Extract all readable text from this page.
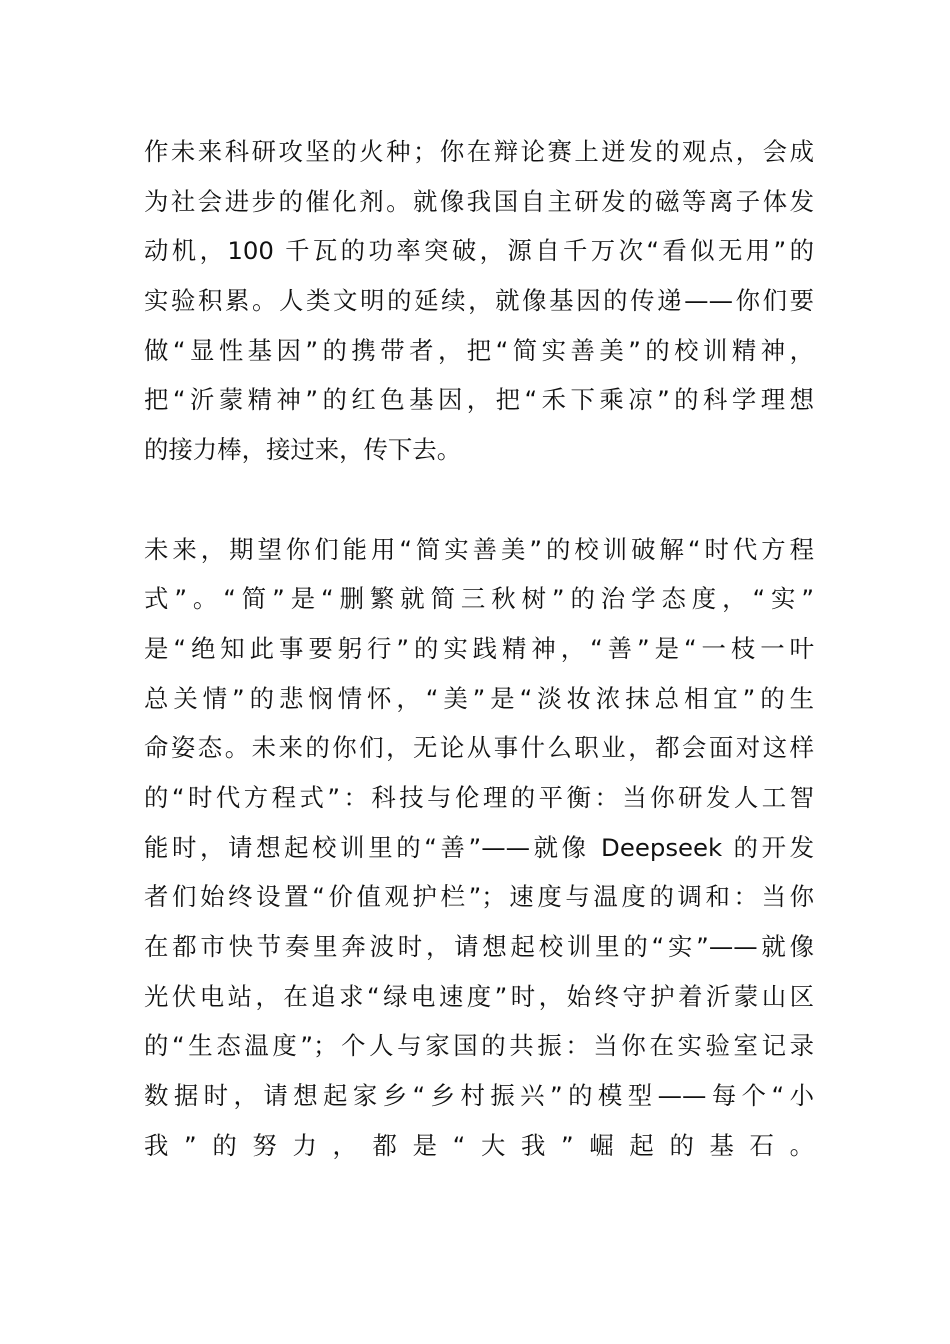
作未来科研攻坚的火种；你在辩论赛上迸发的观点，会成
为社会进步的催化剂。就像我国自主研发的磁等离子体发
动机，100 千瓦的功率突破，源自千万次“看似无用”的
实验积累。人类文明的延续，就像基因的传递——你们要
做“显性基因”的携带者，把“简实善美”的校训精神，
把“沂蒙精神”的红色基因，把“禾下乘凉”的科学理想
的接力棒，接过来，传下去。
未来，期望你们能用“简实善美”的校训破解“时代方程
式”。“简”是“删繁就简三秋树”的治学态度，“实”
是“绝知此事要躬行”的实践精神，“善”是“一枝一叶
总关情”的悲悯情怀，“美”是“淡妆浓抹总相宜”的生
命姿态。未来的你们，无论从事什么职业，都会面对这样
的“时代方程式”：科技与伦理的平衡：当你研发人工智
能时，请想起校训里的“善”——就像 Deepseek 的开发
者们始终设置“价值观护栏”；速度与温度的调和：当你
在都市快节奏里奔波时，请想起校训里的“实”——就像
光伏电站，在追求“绿电速度”时，始终守护着沂蒙山区
的“生态温度”；个人与家国的共振：当你在实验室记录
数据时，请想起家乡“乡村振兴”的模型——每个“小
我”的努力，都是“大我”崛起的基石。
